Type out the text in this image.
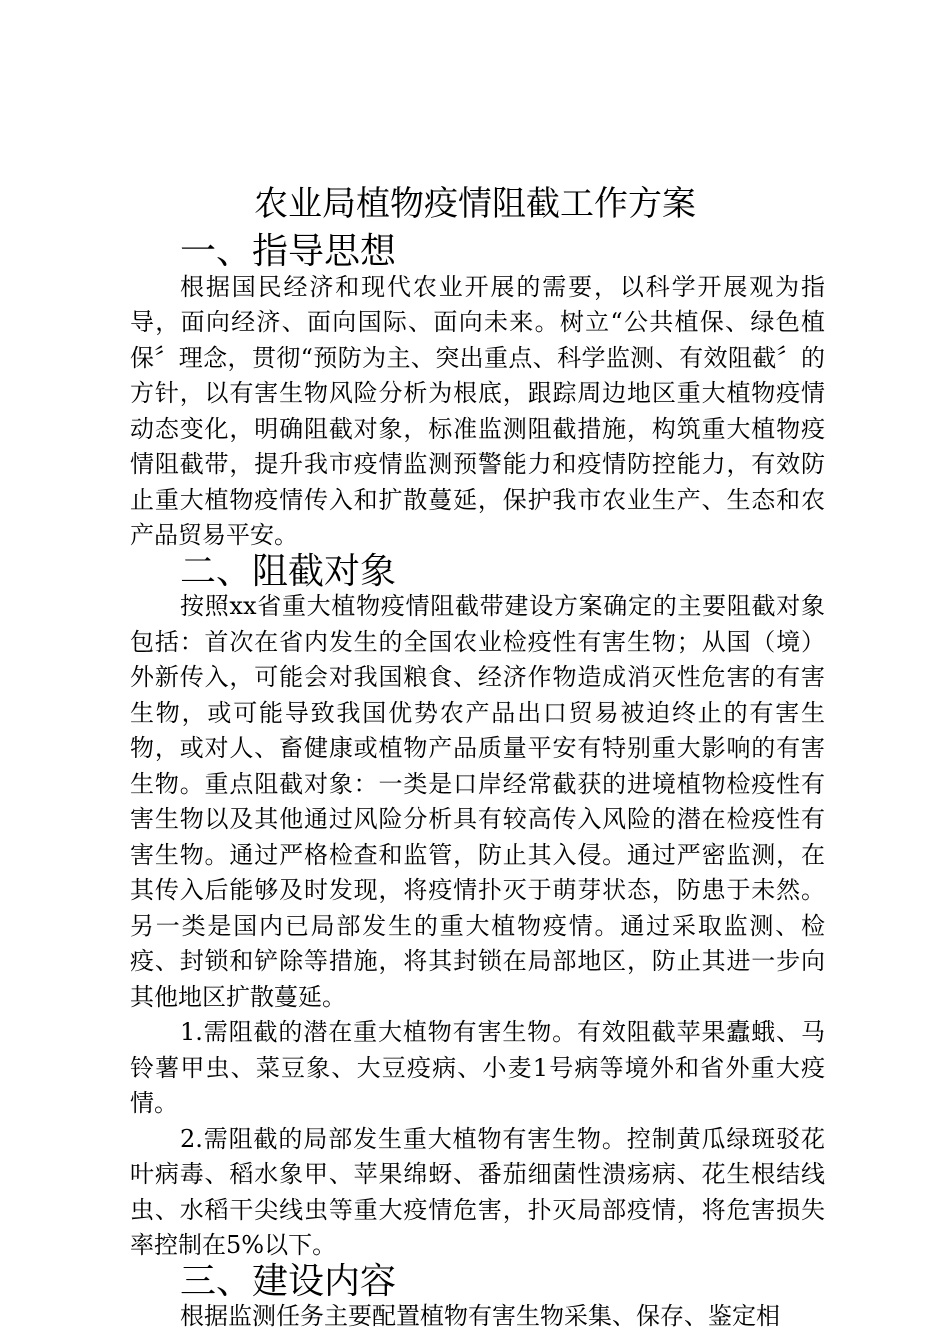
农业局植物疫情阻截工作方案
一、指导思想

根据国民经济和现代农业开展的需要，以科学开展观为指导，面向经济、面向国际、面向未来。树立“公共植保、绿色植保〞理念，贯彻“预防为主、突出重点、科学监测、有效阻截〞的方针，以有害生物风险分析为根底，跟踪周边地区重大植物疫情动态变化，明确阻截对象，标准监测阻截措施，构筑重大植物疫情阻截带，提升我市疫情监测预警能力和疫情防控能力，有效防止重大植物疫情传入和扩散蔓延，保护我市农业生产、生态和农产品贸易平安。

二、阻截对象

按照xx省重大植物疫情阻截带建设方案确定的主要阻截对象包括：首次在省内发生的全国农业检疫性有害生物；从国（境）外新传入，可能会对我国粮食、经济作物造成消灭性危害的有害生物，或可能导致我国优势农产品出口贸易被迫终止的有害生物，或对人、畜健康或植物产品质量平安有特别重大影响的有害生物。重点阻截对象：一类是口岸经常截获的进境植物检疫性有害生物以及其他通过风险分析具有较高传入风险的潜在检疫性有害生物。通过严格检查和监管，防止其入侵。通过严密监测，在其传入后能够及时发现，将疫情扑灭于萌芽状态，防患于未然。另一类是国内已局部发生的重大植物疫情。通过采取监测、检疫、封锁和铲除等措施，将其封锁在局部地区，防止其进一步向其他地区扩散蔓延。

1.需阻截的潜在重大植物有害生物。有效阻截苹果蠹蛾、马铃薯甲虫、菜豆象、大豆疫病、小麦1号病等境外和省外重大疫情。

2.需阻截的局部发生重大植物有害生物。控制黄瓜绿斑驳花叶病毒、稻水象甲、苹果绵蚜、番茄细菌性溃疡病、花生根结线虫、水稻干尖线虫等重大疫情危害，扑灭局部疫情，将危害损失率控制在5%以下。

三、建设内容

根据监测任务主要配置植物有害生物采集、保存、鉴定相
